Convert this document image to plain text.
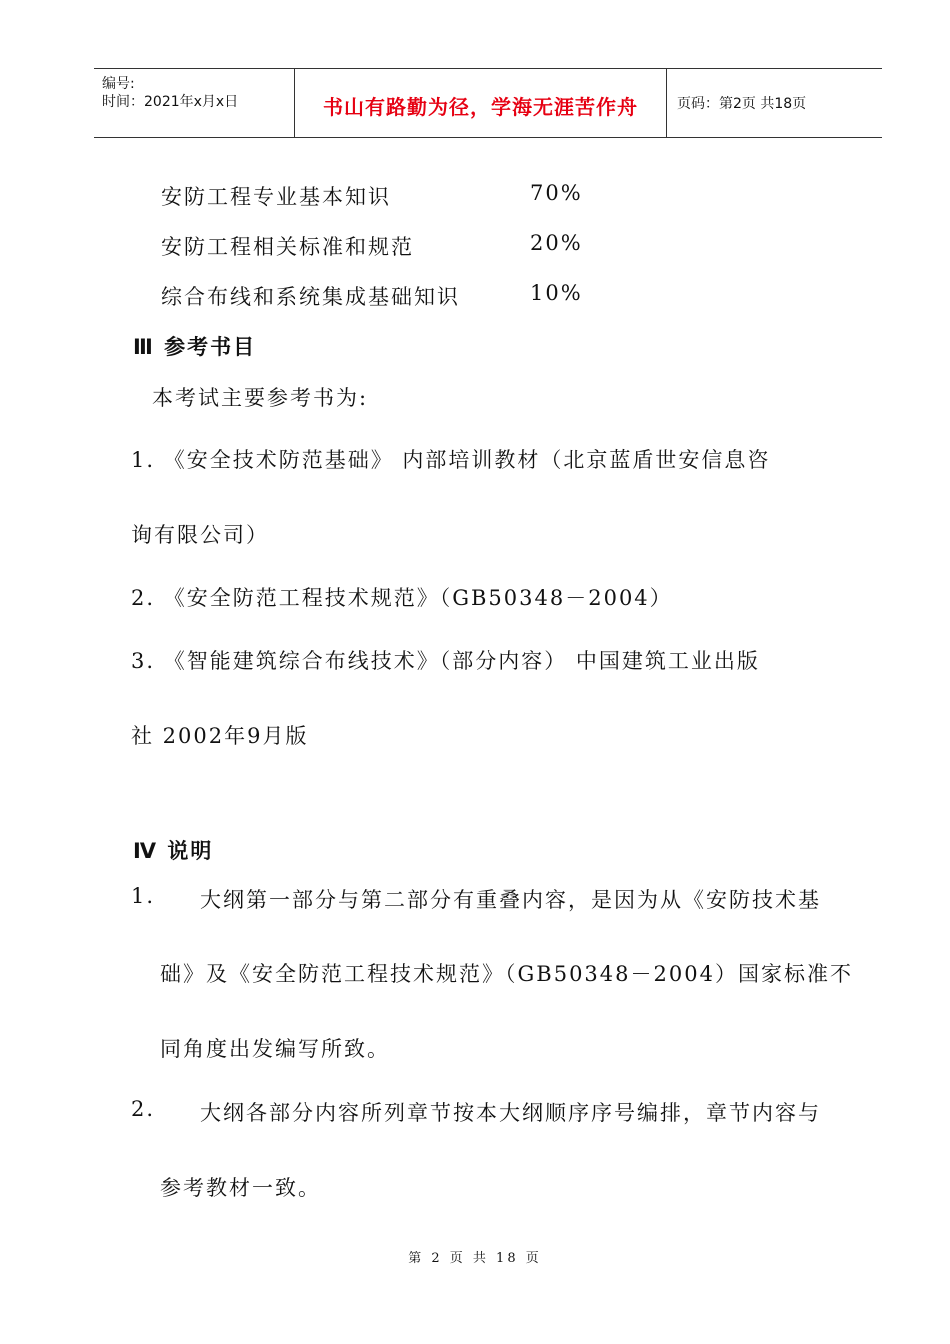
编号:
时间：2021年x月x日	书山有路勤为径，学海无涯苦作舟	页码：第2页 共18页
安防工程专业基本知识	70%
安防工程相关标准和规范	20%
综合布线和系统集成基础知识	10%
Ⅲ 参考书目
本考试主要参考书为:
1. 《安全技术防范基础》 内部培训教材（北京蓝盾世安信息咨
询有限公司）
2. 《安全防范工程技术规范》（GB50348－2004）
3. 《智能建筑综合布线技术》（部分内容） 中国建筑工业出版
社 2002年9月版
Ⅳ 说明
1. 大纲第一部分与第二部分有重叠内容，是因为从《安防技术基
础》及《安全防范工程技术规范》（GB50348－2004）国家标准不
同角度出发编写所致。
2. 大纲各部分内容所列章节按本大纲顺序序号编排，章节内容与
参考教材一致。
第 2 页 共 18 页
